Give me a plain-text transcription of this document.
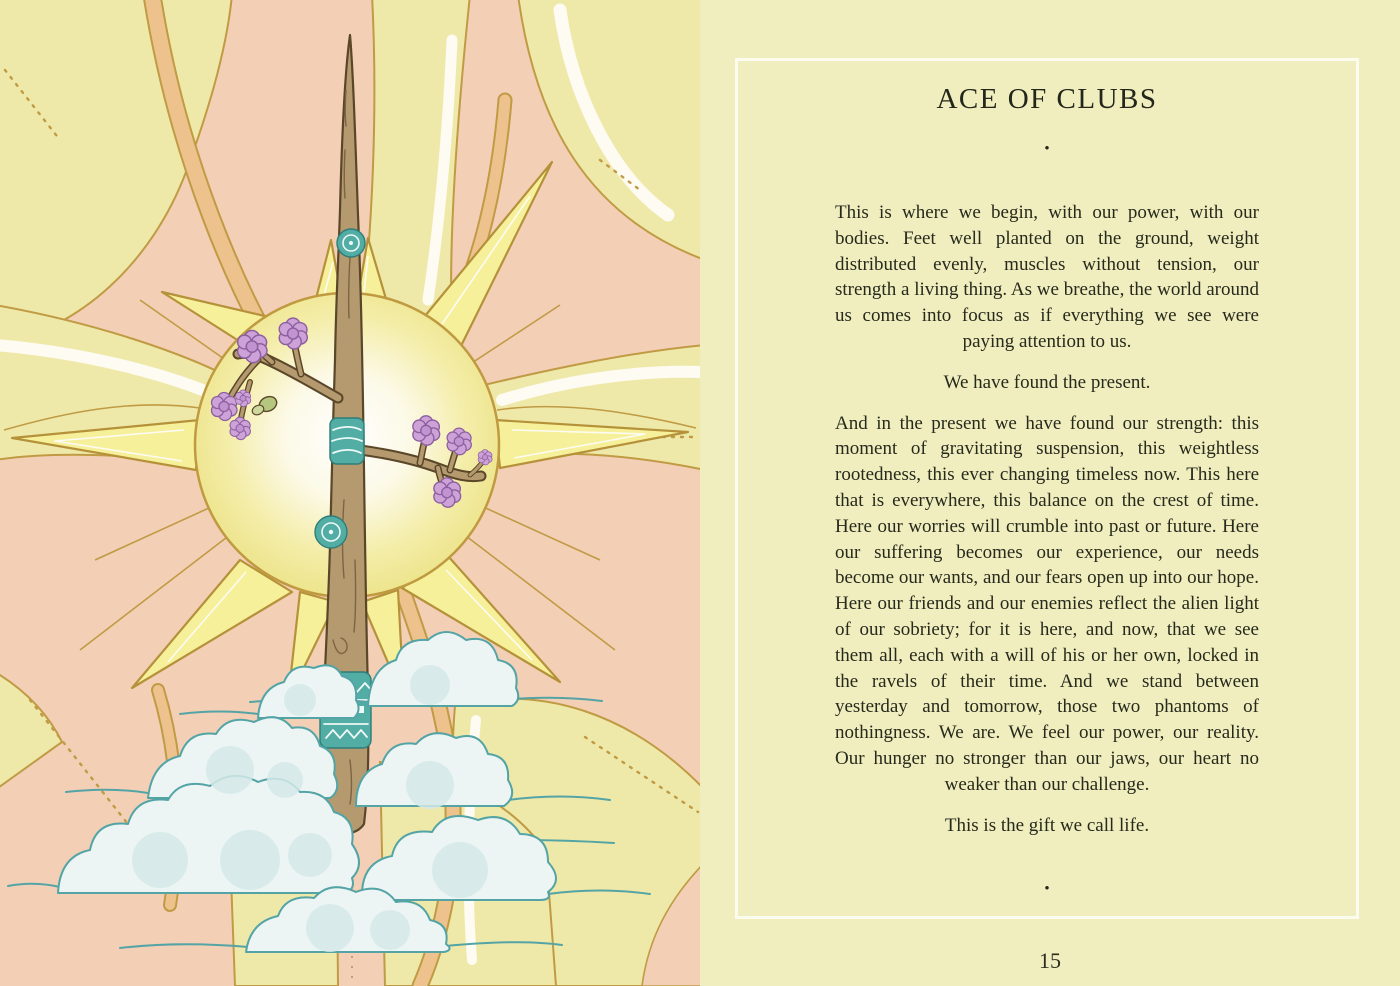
ACE OF CLUBS
•

This is where we begin, with our power, with our bodies. Feet well planted on the ground, weight distributed evenly, muscles without tension, our strength a living thing. As we breathe, the world around us comes into focus as if everything we see were paying attention to us.

We have found the present.

And in the present we have found our strength: this moment of gravitating suspension, this weightless rootedness, this ever changing timeless now. This here that is everywhere, this balance on the crest of time. Here our worries will crumble into past or future. Here our suffering becomes our experience, our needs become our wants, and our fears open up into our hope. Here our friends and our enemies reflect the alien light of our sobriety; for it is here, and now, that we see them all, each with a will of his or her own, locked in the ravels of their time. And we stand between yesterday and tomorrow, those two phantoms of nothingness. We are. We feel our power, our reality. Our hunger no stronger than our jaws, our heart no weaker than our challenge.

This is the gift we call life.

•
15
